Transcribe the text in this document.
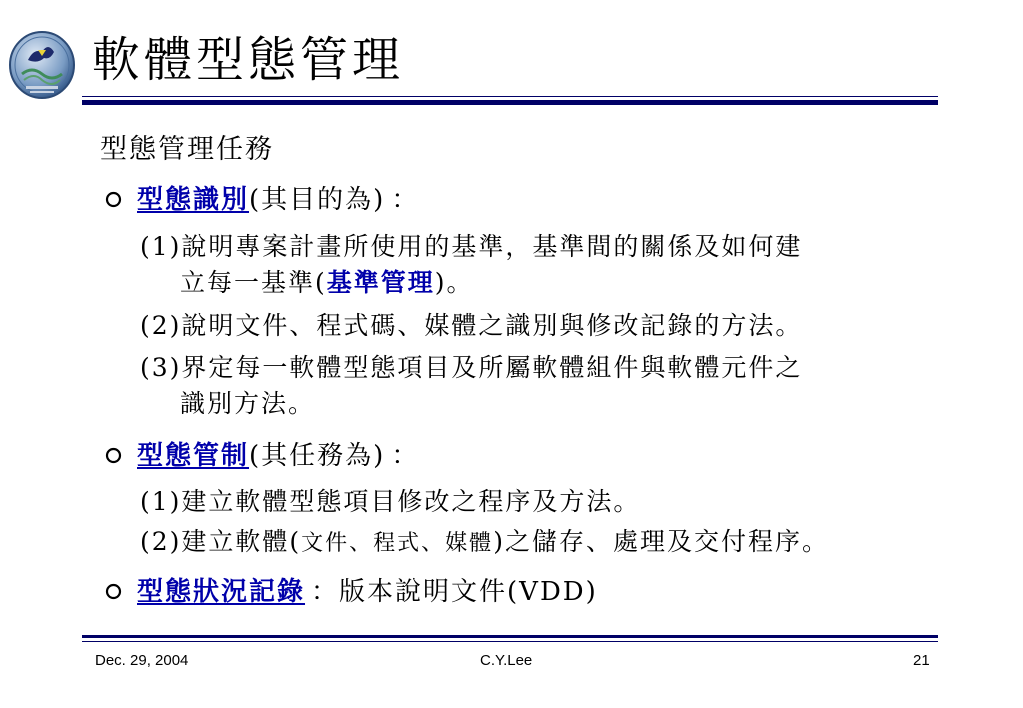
軟體型態管理
型態管理任務
型態識別(其目的為) ：
(1)說明專案計畫所使用的基準，基準間的關係及如何建
立每一基準(基準管理)。
(2)說明文件、程式碼、媒體之識別與修改記錄的方法。
(3)界定每一軟體型態項目及所屬軟體組件與軟體元件之
識別方法。
型態管制(其任務為) ：
(1)建立軟體型態項目修改之程序及方法。
(2)建立軟體(文件、程式、媒體)之儲存、處理及交付程序。
型態狀況記錄 ：版本說明文件(VDD)
Dec. 29, 2004	C.Y.Lee	21
